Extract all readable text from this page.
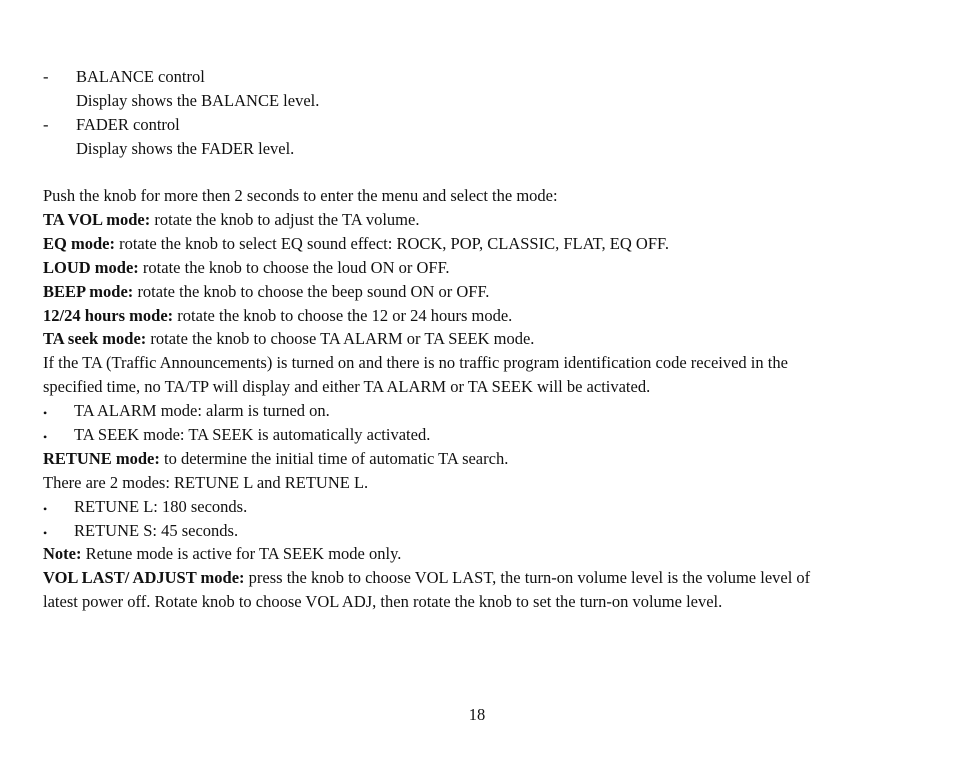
- BALANCE control
Display shows the BALANCE level.
- FADER control
Display shows the FADER level.
Push the knob for more then 2 seconds to enter the menu and select the mode:
TA VOL mode: rotate the knob to adjust the TA volume.
EQ mode: rotate the knob to select EQ sound effect: ROCK, POP, CLASSIC, FLAT, EQ OFF.
LOUD mode: rotate the knob to choose the loud ON or OFF.
BEEP mode: rotate the knob to choose the beep sound ON or OFF.
12/24 hours mode: rotate the knob to choose the 12 or 24 hours mode.
TA seek mode: rotate the knob to choose TA ALARM or TA SEEK mode.
If the TA (Traffic Announcements) is turned on and there is no traffic program identification code received in the
specified time, no TA/TP will display and either TA ALARM or TA SEEK will be activated.
• TA ALARM mode: alarm is turned on.
• TA SEEK mode: TA SEEK is automatically activated.
RETUNE mode: to determine the initial time of automatic TA search.
There are 2 modes: RETUNE L and RETUNE L.
• RETUNE L: 180 seconds.
• RETUNE S: 45 seconds.
Note: Retune mode is active for TA SEEK mode only.
VOL LAST/ ADJUST mode: press the knob to choose VOL LAST, the turn-on volume level is the volume level of
latest power off. Rotate knob to choose VOL ADJ, then rotate the knob to set the turn-on volume level.
18
